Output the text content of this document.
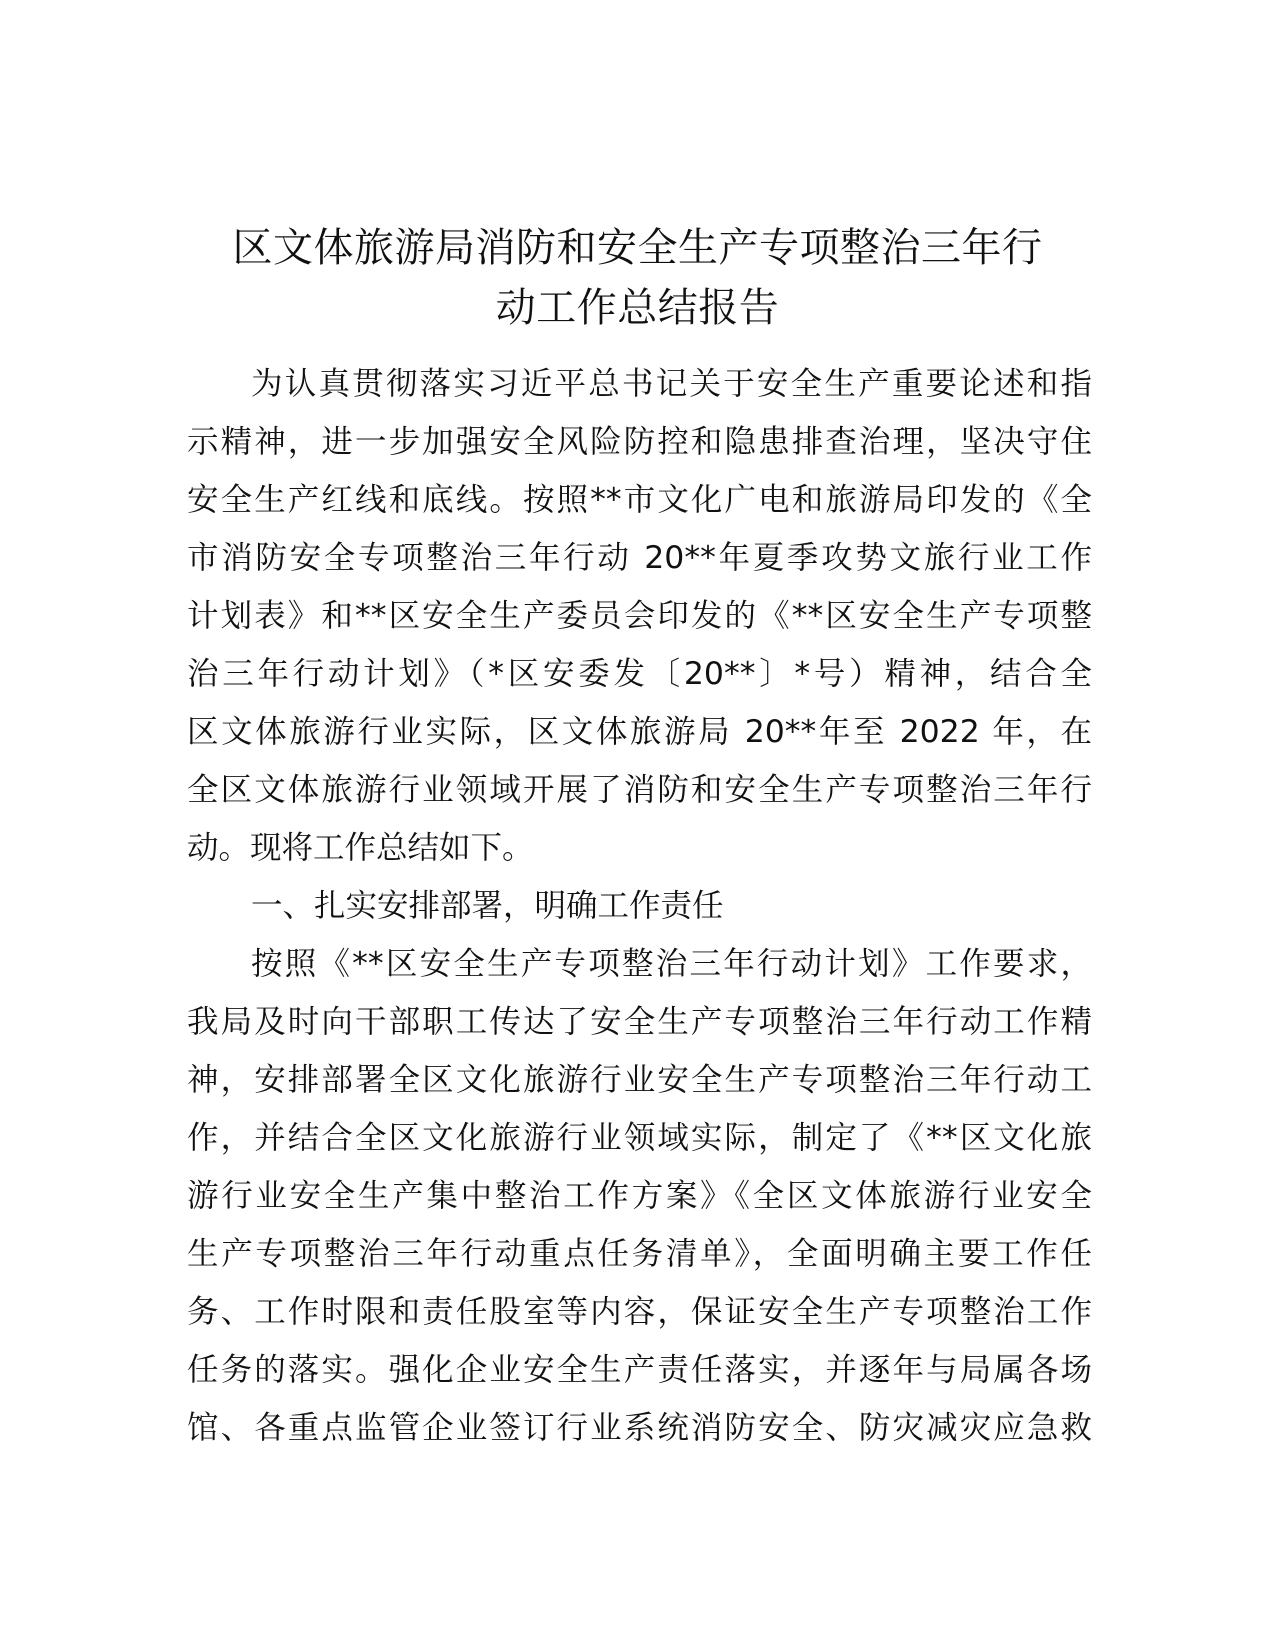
区文体旅游局消防和安全生产专项整治三年行
动工作总结报告
为认真贯彻落实习近平总书记关于安全生产重要论述和指
示精神，进一步加强安全风险防控和隐患排查治理，坚决守住
安全生产红线和底线。按照**市文化广电和旅游局印发的《全
市消防安全专项整治三年行动 20**年夏季攻势文旅行业工作
计划表》和**区安全生产委员会印发的《**区安全生产专项整
治三年行动计划》（*区安委发〔20**〕*号）精神，结合全
区文体旅游行业实际，区文体旅游局 20**年至 2022 年，在
全区文体旅游行业领域开展了消防和安全生产专项整治三年行
动。现将工作总结如下。
一、扎实安排部署，明确工作责任
按照《**区安全生产专项整治三年行动计划》工作要求，
我局及时向干部职工传达了安全生产专项整治三年行动工作精
神，安排部署全区文化旅游行业安全生产专项整治三年行动工
作，并结合全区文化旅游行业领域实际，制定了《**区文化旅
游行业安全生产集中整治工作方案》《全区文体旅游行业安全
生产专项整治三年行动重点任务清单》，全面明确主要工作任
务、工作时限和责任股室等内容，保证安全生产专项整治工作
任务的落实。强化企业安全生产责任落实，并逐年与局属各场
馆、各重点监管企业签订行业系统消防安全、防灾减灾应急救
